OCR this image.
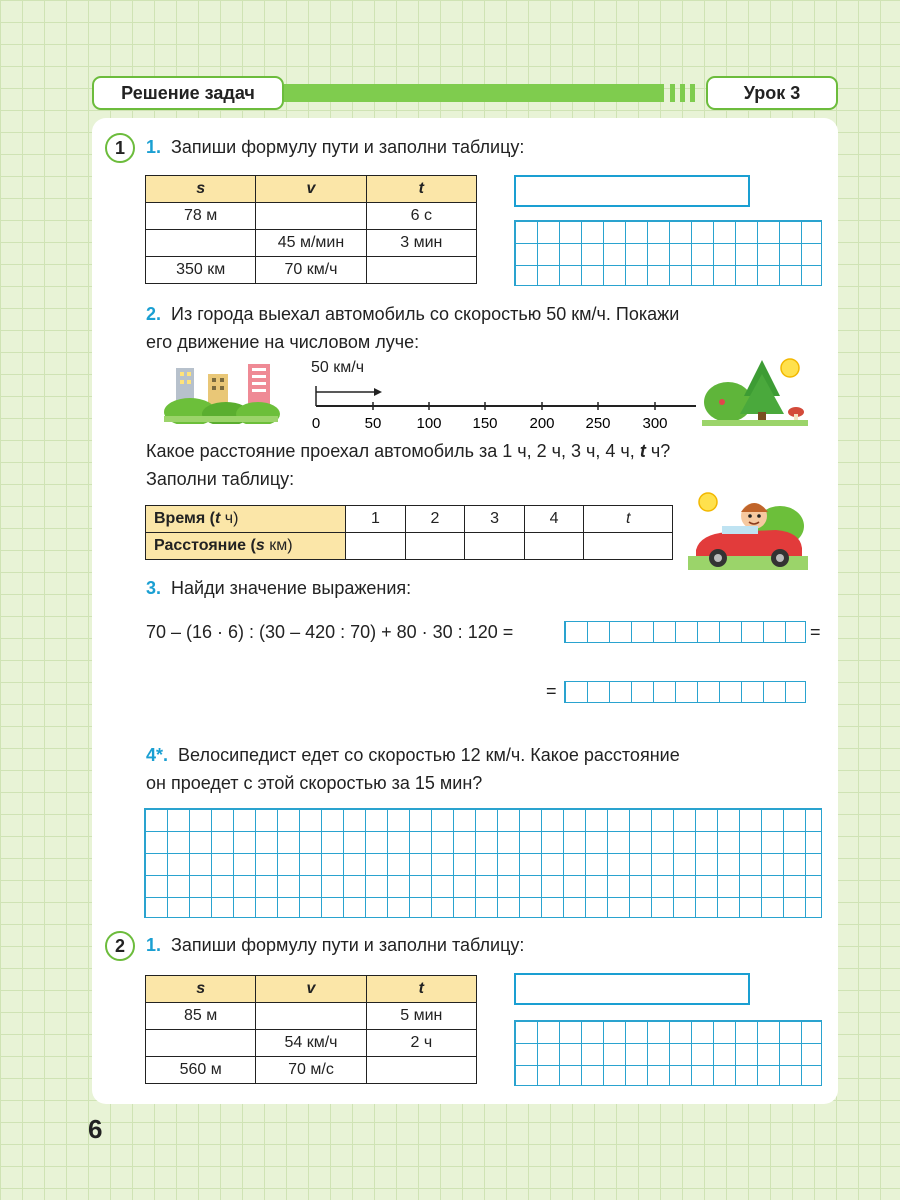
Решение задач	Урок 3
1 1. Запиши формулу пути и заполни таблицу:
s	v	t
78 м		6 с
	45 м/мин	3 мин
350 км	70 км/ч	
2. Из города выехал автомобиль со скоростью 50 км/ч. Покажи
его движение на числовом луче:
50 км/ч
0	50 100 150 200 250 300
Какое расстояние проехал автомобиль за 1 ч, 2 ч, 3 ч, 4 ч, t ч?
Заполни таблицу:
Время (t ч)	1	2	3	4	t
Расстояние (s км)					
3. Найди значение выражения:
70 – (16 · 6) : (30 – 420 : 70) + 80 · 30 : 120 =	=
=
4*. Велосипедист едет со скоростью 12 км/ч. Какое расстояние
он проедет с этой скоростью за 15 мин?
2 1. Запиши формулу пути и заполни таблицу:
s	v	t
85 м		5 мин
	54 км/ч	2 ч
560 м	70 м/с	
6
